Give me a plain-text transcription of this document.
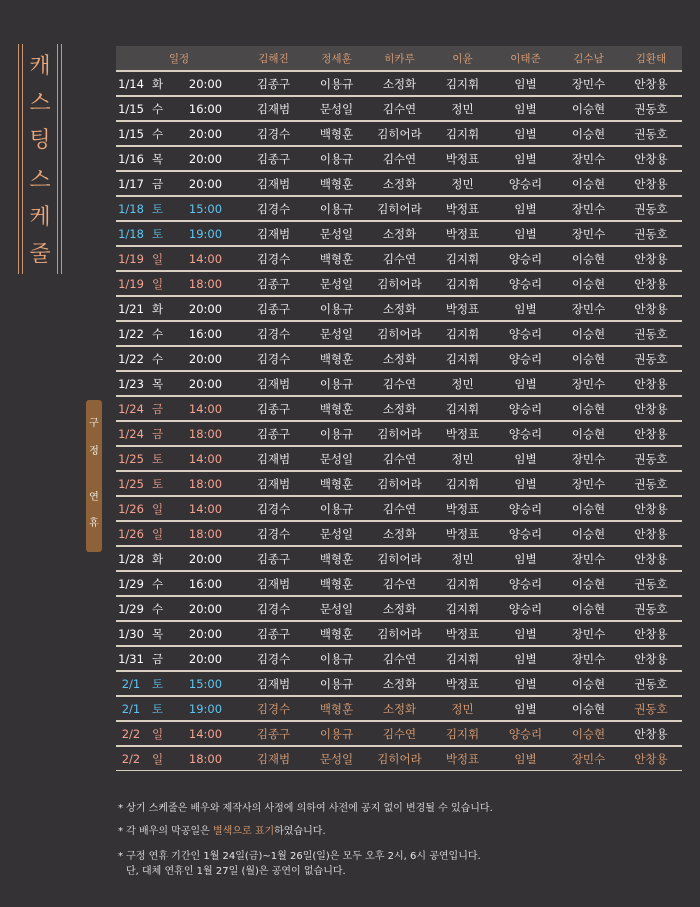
캐
스
팅
스
케
줄
구
정
연
휴
일정			김해진	정세훈	히카루	이윤	이태준	김수남	김환태
1/14	화	20:00	김종구	이용규	소정화	김지휘	임별	장민수	안창용
1/15	수	16:00	김재범	문성일	김수연	정민	임별	이승현	권동호
1/15	수	20:00	김경수	백형훈	김히어라	김지휘	임별	이승현	권동호
1/16	목	20:00	김종구	이용규	김수연	박정표	임별	장민수	안창용
1/17	금	20:00	김재범	백형훈	소정화	정민	양승리	이승현	안창용
1/18	토	15:00	김경수	이용규	김히어라	박정표	임별	장민수	권동호
1/18	토	19:00	김재범	문성일	소정화	박정표	임별	장민수	권동호
1/19	일	14:00	김경수	백형훈	김수연	김지휘	양승리	이승현	안창용
1/19	일	18:00	김종구	문성일	김히어라	김지휘	양승리	이승현	안창용
1/21	화	20:00	김종구	이용규	소정화	박정표	임별	장민수	안창용
1/22	수	16:00	김경수	문성일	김히어라	김지휘	양승리	이승현	권동호
1/22	수	20:00	김경수	백형훈	소정화	김지휘	양승리	이승현	권동호
1/23	목	20:00	김재범	이용규	김수연	정민	임별	장민수	안창용
1/24	금	14:00	김종구	백형훈	소정화	김지휘	양승리	이승현	안창용
1/24	금	18:00	김종구	이용규	김히어라	박정표	양승리	이승현	안창용
1/25	토	14:00	김재범	문성일	김수연	정민	임별	장민수	권동호
1/25	토	18:00	김재범	백형훈	김히어라	김지휘	임별	장민수	권동호
1/26	일	14:00	김경수	이용규	김수연	박정표	양승리	이승현	안창용
1/26	일	18:00	김경수	문성일	소정화	박정표	양승리	이승현	안창용
1/28	화	20:00	김종구	백형훈	김히어라	정민	임별	장민수	안창용
1/29	수	16:00	김재범	백형훈	김수연	김지휘	양승리	이승현	권동호
1/29	수	20:00	김경수	문성일	소정화	김지휘	양승리	이승현	권동호
1/30	목	20:00	김종구	백형훈	김히어라	박정표	임별	장민수	안창용
1/31	금	20:00	김경수	이용규	김수연	김지휘	임별	장민수	안창용
2/1	토	15:00	김재범	이용규	소정화	박정표	임별	이승현	권동호
2/1	토	19:00	김경수	백형훈	소정화	정민	임별	이승현	권동호
2/2	일	14:00	김종구	이용규	김수연	김지휘	양승리	이승현	안창용
2/2	일	18:00	김재범	문성일	김히어라	박정표	임별	장민수	안창용

* 상기 스케줄은 배우와 제작사의 사정에 의하여 사전에 공지 없이 변경될 수 있습니다.

* 각 배우의 막공일은 별색으로 표기하였습니다.

* 구정 연휴 기간인 1월 24일(금)~1월 26일(일)은 모두 오후 2시, 6시 공연입니다.

단, 대체 연휴인 1월 27일 (월)은 공연이 없습니다.
